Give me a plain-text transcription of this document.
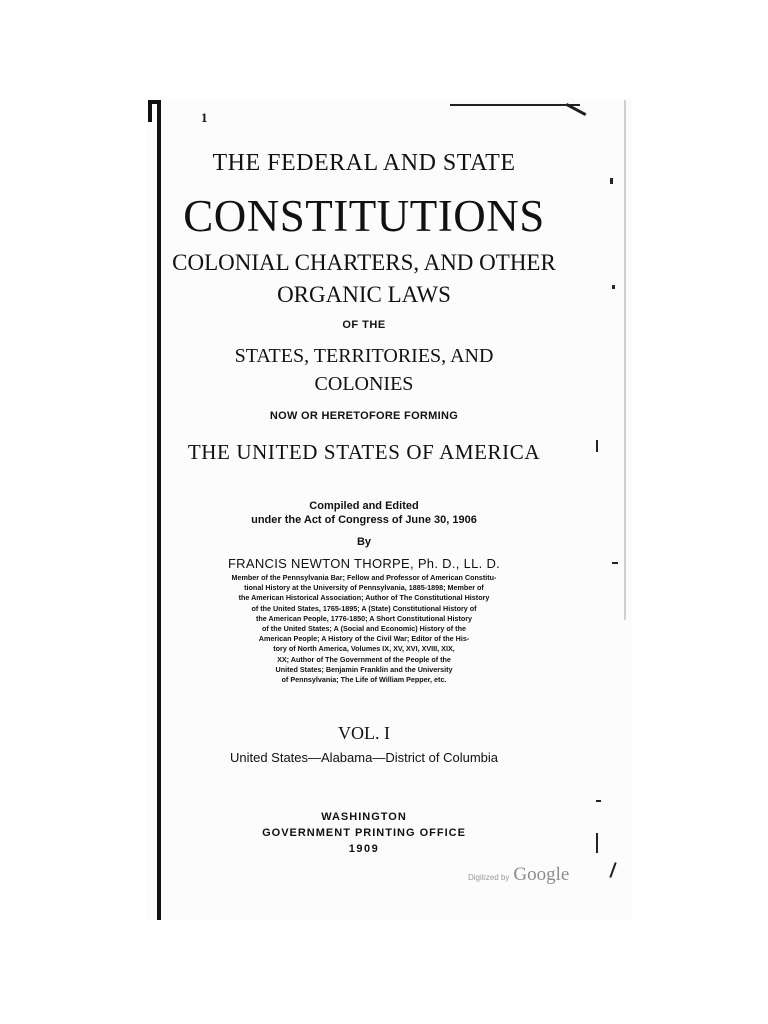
1
THE FEDERAL AND STATE
CONSTITUTIONS
COLONIAL CHARTERS, AND OTHER
ORGANIC LAWS
OF THE
STATES, TERRITORIES, AND
COLONIES
NOW OR HERETOFORE FORMING
THE UNITED STATES OF AMERICA
Compiled and Edited
under the Act of Congress of June 30, 1906
By
FRANCIS NEWTON THORPE, Ph. D., LL. D.
Member of the Pennsylvania Bar; Fellow and Professor of American Constitu-
tional History at the University of Pennsylvania, 1885-1898; Member of
the American Historical Association; Author of The Constitutional History
of the United States, 1765-1895; A (State) Constitutional History of
the American People, 1776-1850; A Short Constitutional History
of the United States; A (Social and Economic) History of the
American People; A History of the Civil War; Editor of the His-
tory of North America, Volumes IX, XV, XVI, XVIII, XIX,
XX; Author of The Government of the People of the
United States; Benjamin Franklin and the University
of Pennsylvania; The Life of William Pepper, etc.
VOL. I
United States—Alabama—District of Columbia
WASHINGTON
GOVERNMENT PRINTING OFFICE
1909
Digitized by Google
